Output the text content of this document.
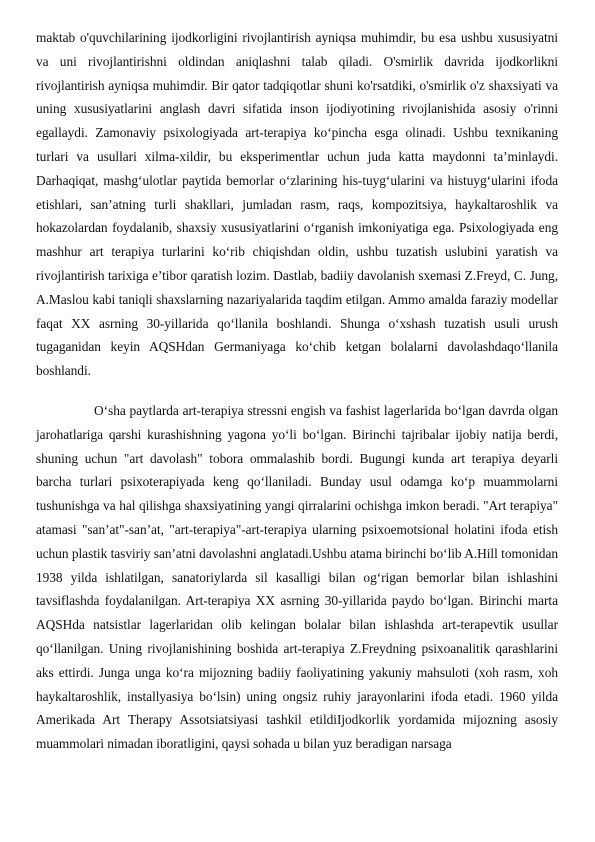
maktab o'quvchilarining ijodkorligini rivojlantirish ayniqsa muhimdir, bu esa ushbu xususiyatni va uni rivojlantirishni oldindan aniqlashni talab qiladi. O'smirlik davrida ijodkorlikni rivojlantirish ayniqsa muhimdir. Bir qator tadqiqotlar shuni ko'rsatdiki, o'smirlik o'z shaxsiyati va uning xususiyatlarini anglash davri sifatida inson ijodiyotining rivojlanishida asosiy o'rinni egallaydi. Zamonaviy psixologiyada art-terapiya ko‘pincha esga olinadi. Ushbu texnikaning turlari va usullari xilma-xildir, bu eksperimentlar uchun juda katta maydonni ta’minlaydi. Darhaqiqat, mashg‘ulotlar paytida bemorlar o‘zlarining his-tuyg‘ularini va histuyg‘ularini ifoda etishlari, san’atning turli shakllari, jumladan rasm, raqs, kompozitsiya, haykaltaroshlik va hokazolardan foydalanib, shaxsiy xususiyatlarini o‘rganish imkoniyatiga ega. Psixologiyada eng mashhur art terapiya turlarini ko‘rib chiqishdan oldin, ushbu tuzatish uslubini yaratish va rivojlantirish tarixiga e’tibor qaratish lozim. Dastlab, badiiy davolanish sxemasi Z.Freyd, C. Jung, A.Maslou kabi taniqli shaxslarning nazariyalarida taqdim etilgan. Ammo amalda faraziy modellar faqat XX asrning 30-yillarida qo‘llanila boshlandi. Shunga o‘xshash tuzatish usuli urush tugaganidan keyin AQSHdan Germaniyaga ko‘chib ketgan bolalarni davolashdaqo‘llanila boshlandi.

O‘sha paytlarda art-terapiya stressni engish va fashist lagerlarida bo‘lgan davrda olgan jarohatlariga qarshi kurashishning yagona yo‘li bo‘lgan. Birinchi tajribalar ijobiy natija berdi, shuning uchun "art davolash" tobora ommalashib bordi. Bugungi kunda art terapiya deyarli barcha turlari psixoterapiyada keng qo‘llaniladi. Bunday usul odamga ko‘p muammolarni tushunishga va hal qilishga shaxsiyatining yangi qirralarini ochishga imkon beradi. "Art terapiya" atamasi "san’at"-san’at, "art-terapiya"-art-terapiya ularning psixoemotsional holatini ifoda etish uchun plastik tasviriy san’atni davolashni anglatadi.Ushbu atama birinchi bo‘lib A.Hill tomonidan 1938 yilda ishlatilgan, sanatoriylarda sil kasalligi bilan og‘rigan bemorlar bilan ishlashini tavsiflashda foydalanilgan. Art-terapiya XX asrning 30-yillarida paydo bo‘lgan. Birinchi marta AQSHda natsistlar lagerlaridan olib kelingan bolalar bilan ishlashda art-terapevtik usullar qo‘llanilgan. Uning rivojlanishining boshida art-terapiya Z.Freydning psixoanalitik qarashlarini aks ettirdi. Junga unga ko‘ra mijozning badiiy faoliyatining yakuniy mahsuloti (xoh rasm, xoh haykaltaroshlik, installyasiya bo‘lsin) uning ongsiz ruhiy jarayonlarini ifoda etadi. 1960 yilda Amerikada Art Therapy Assotsiatsiyasi tashkil etildiIjodkorlik yordamida mijozning asosiy muammolari nimadan iboratligini, qaysi sohada u bilan yuz beradigan narsaga
